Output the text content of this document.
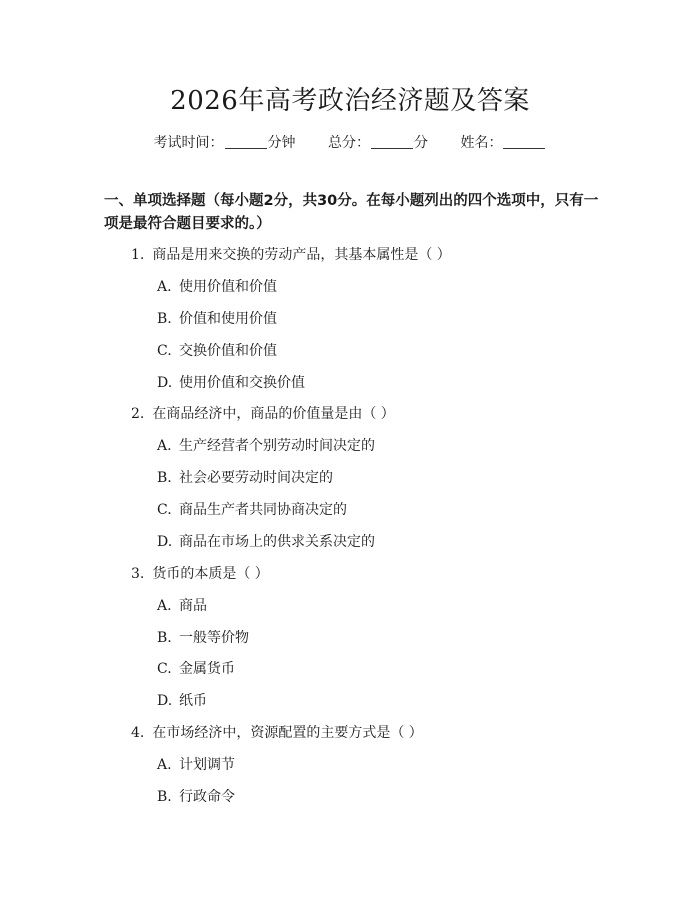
2026年高考政治经济题及答案
考试时间：	分钟 总分：	分 姓名：
一、单项选择题（每小题2分，共30分。在每小题列出的四个选项中，只有一项是最符合题目要求的。）
1. 商品是用来交换的劳动产品，其基本属性是（ ）
A. 使用价值和价值
B. 价值和使用价值
C. 交换价值和价值
D. 使用价值和交换价值
2. 在商品经济中，商品的价值量是由（ ）
A. 生产经营者个别劳动时间决定的
B. 社会必要劳动时间决定的
C. 商品生产者共同协商决定的
D. 商品在市场上的供求关系决定的
3. 货币的本质是（ ）
A. 商品
B. 一般等价物
C. 金属货币
D. 纸币
4. 在市场经济中，资源配置的主要方式是（ ）
A. 计划调节
B. 行政命令
